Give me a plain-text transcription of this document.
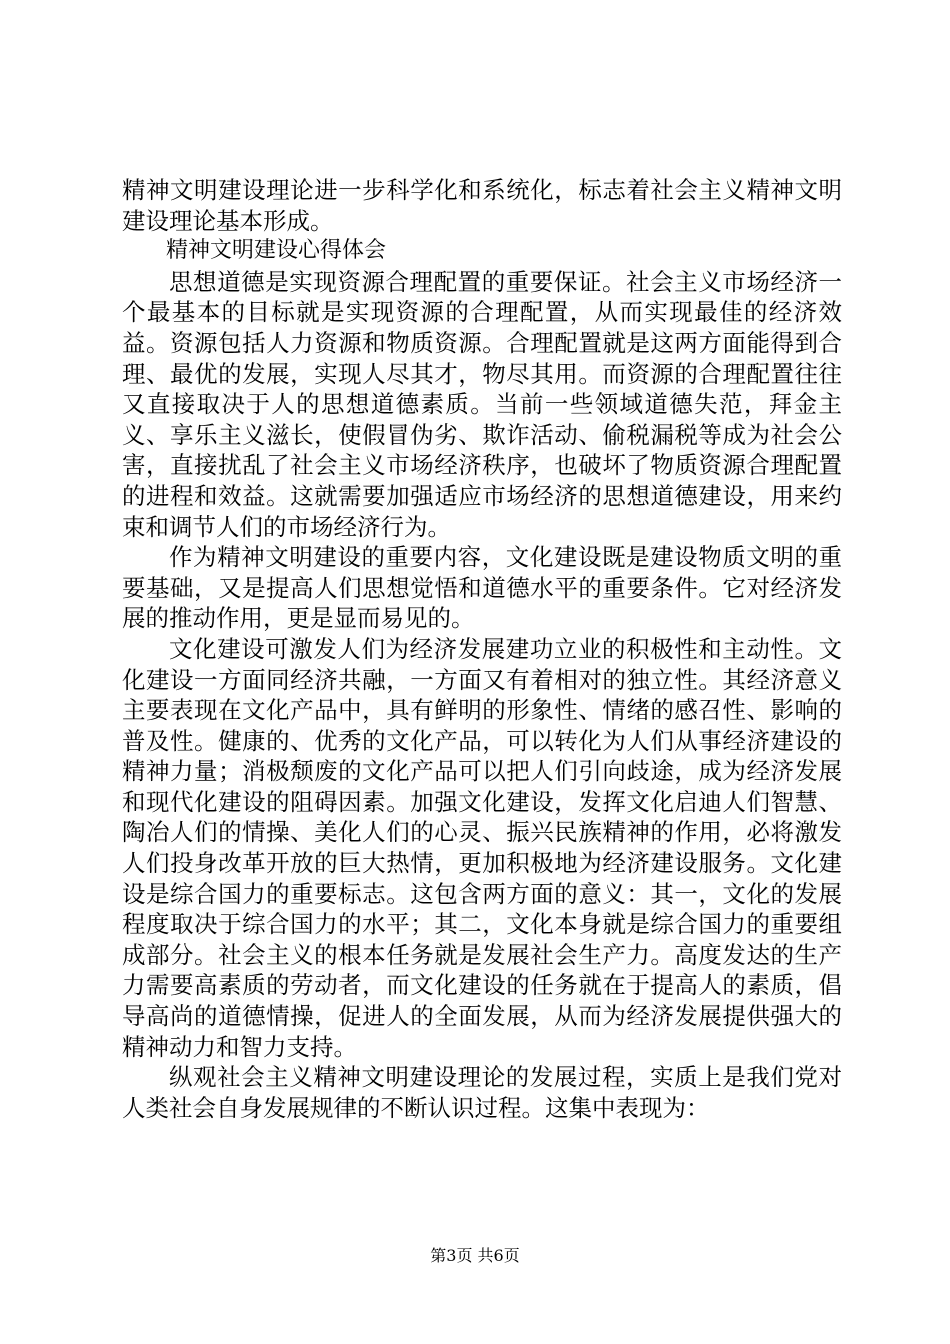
精神文明建设理论进一步科学化和系统化，标志着社会主义精神文明建设理论基本形成。

精神文明建设心得体会

思想道德是实现资源合理配置的重要保证。社会主义市场经济一个最基本的目标就是实现资源的合理配置，从而实现最佳的经济效益。资源包括人力资源和物质资源。合理配置就是这两方面能得到合理、最优的发展，实现人尽其才，物尽其用。而资源的合理配置往往又直接取决于人的思想道德素质。当前一些领域道德失范，拜金主义、享乐主义滋长，使假冒伪劣、欺诈活动、偷税漏税等成为社会公害，直接扰乱了社会主义市场经济秩序，也破坏了物质资源合理配置的进程和效益。这就需要加强适应市场经济的思想道德建设，用来约束和调节人们的市场经济行为。

作为精神文明建设的重要内容，文化建设既是建设物质文明的重要基础，又是提高人们思想觉悟和道德水平的重要条件。它对经济发展的推动作用，更是显而易见的。

文化建设可激发人们为经济发展建功立业的积极性和主动性。文化建设一方面同经济共融，一方面又有着相对的独立性。其经济意义主要表现在文化产品中，具有鲜明的形象性、情绪的感召性、影响的普及性。健康的、优秀的文化产品，可以转化为人们从事经济建设的精神力量；消极颓废的文化产品可以把人们引向歧途，成为经济发展和现代化建设的阻碍因素。加强文化建设，发挥文化启迪人们智慧、陶冶人们的情操、美化人们的心灵、振兴民族精神的作用，必将激发人们投身改革开放的巨大热情，更加积极地为经济建设服务。文化建设是综合国力的重要标志。这包含两方面的意义：其一，文化的发展程度取决于综合国力的水平；其二，文化本身就是综合国力的重要组成部分。社会主义的根本任务就是发展社会生产力。高度发达的生产力需要高素质的劳动者，而文化建设的任务就在于提高人的素质，倡导高尚的道德情操，促进人的全面发展，从而为经济发展提供强大的精神动力和智力支持。

纵观社会主义精神文明建设理论的发展过程，实质上是我们党对人类社会自身发展规律的不断认识过程。这集中表现为：

第3页 共6页
